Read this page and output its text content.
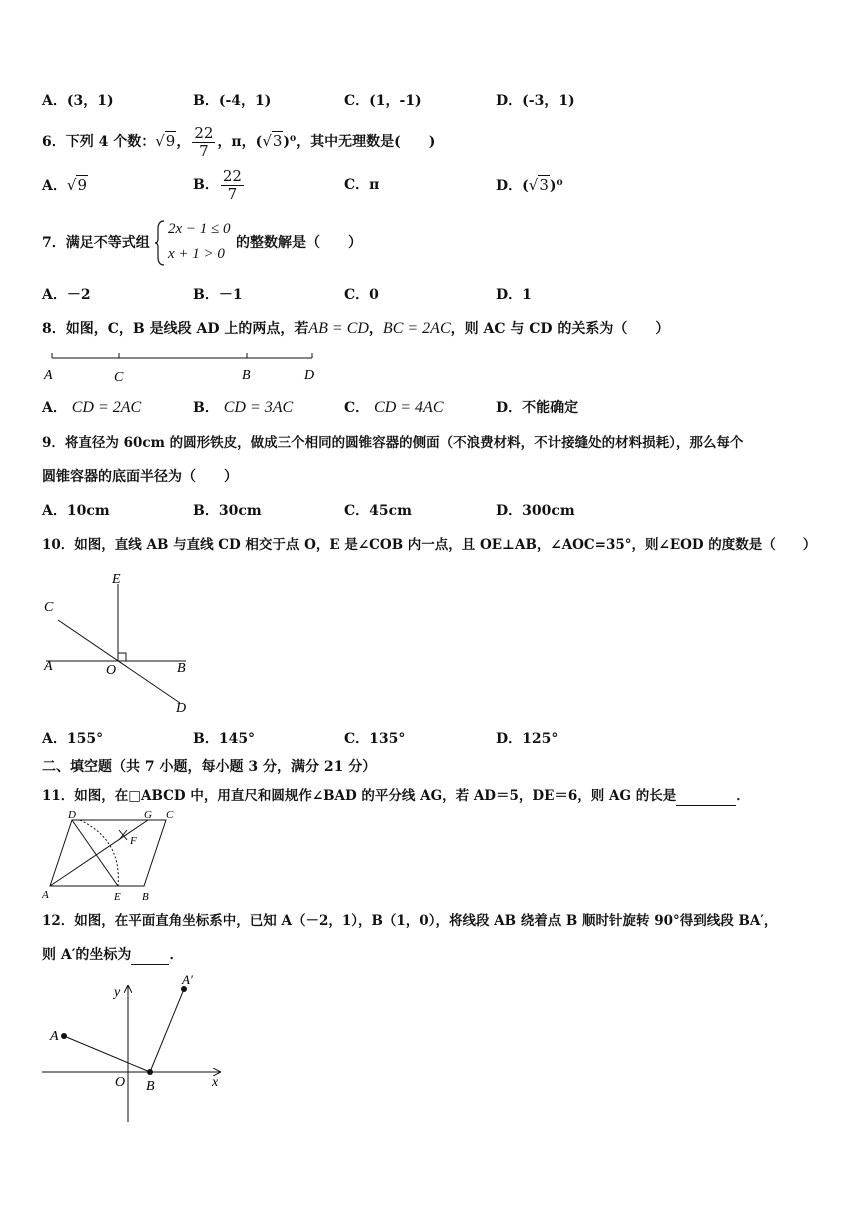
A．(3，1)	B．(-4，1)	C．(1，-1)	D．(-3，1)
6．下列 4 个数：√9， $\frac{22}{7}$ ，π，(√3)⁰，其中无理数是(　　)
A．√9	B． $\frac{22}{7}$	C．π	D．(√3)⁰
7．满足不等式组
2x − 1 ≤ 0
x + 1 > 0
的整数解是（　　）
A．－2	B．－1	C．0	D．1
8．如图，C，B 是线段 AD 上的两点，若AB = CD，BC = 2AC，则 AC 与 CD 的关系为（　　）
A	C	B	D
A． CD = 2AC	B． CD = 3AC	C． CD = 4AC	D．不能确定
9．将直径为 60cm 的圆形铁皮，做成三个相同的圆锥容器的侧面（不浪费材料，不计接缝处的材料损耗），那么每个
圆锥容器的底面半径为（　　）
A．10cm	B．30cm	C．45cm	D．300cm
10．如图，直线 AB 与直线 CD 相交于点 O，E 是∠COB 内一点，且 OE⊥AB，∠AOC=35°，则∠EOD 的度数是（　　）
E
C
A	O	B
D
A．155°	B．145°	C．135°	D．125°
二、填空题（共 7 小题，每小题 3 分，满分 21 分）
11．如图，在□ABCD 中，用直尺和圆规作∠BAD 的平分线 AG，若 AD＝5，DE＝6，则 AG 的长是	．
D	G C
F
A	E B
12．如图，在平面直角坐标系中，已知 A（－2，1），B（1，0），将线段 AB 绕着点 B 顺时针旋转 90°得到线段 BA′，
则 A′的坐标为	．
y
A′
A
O B	x
